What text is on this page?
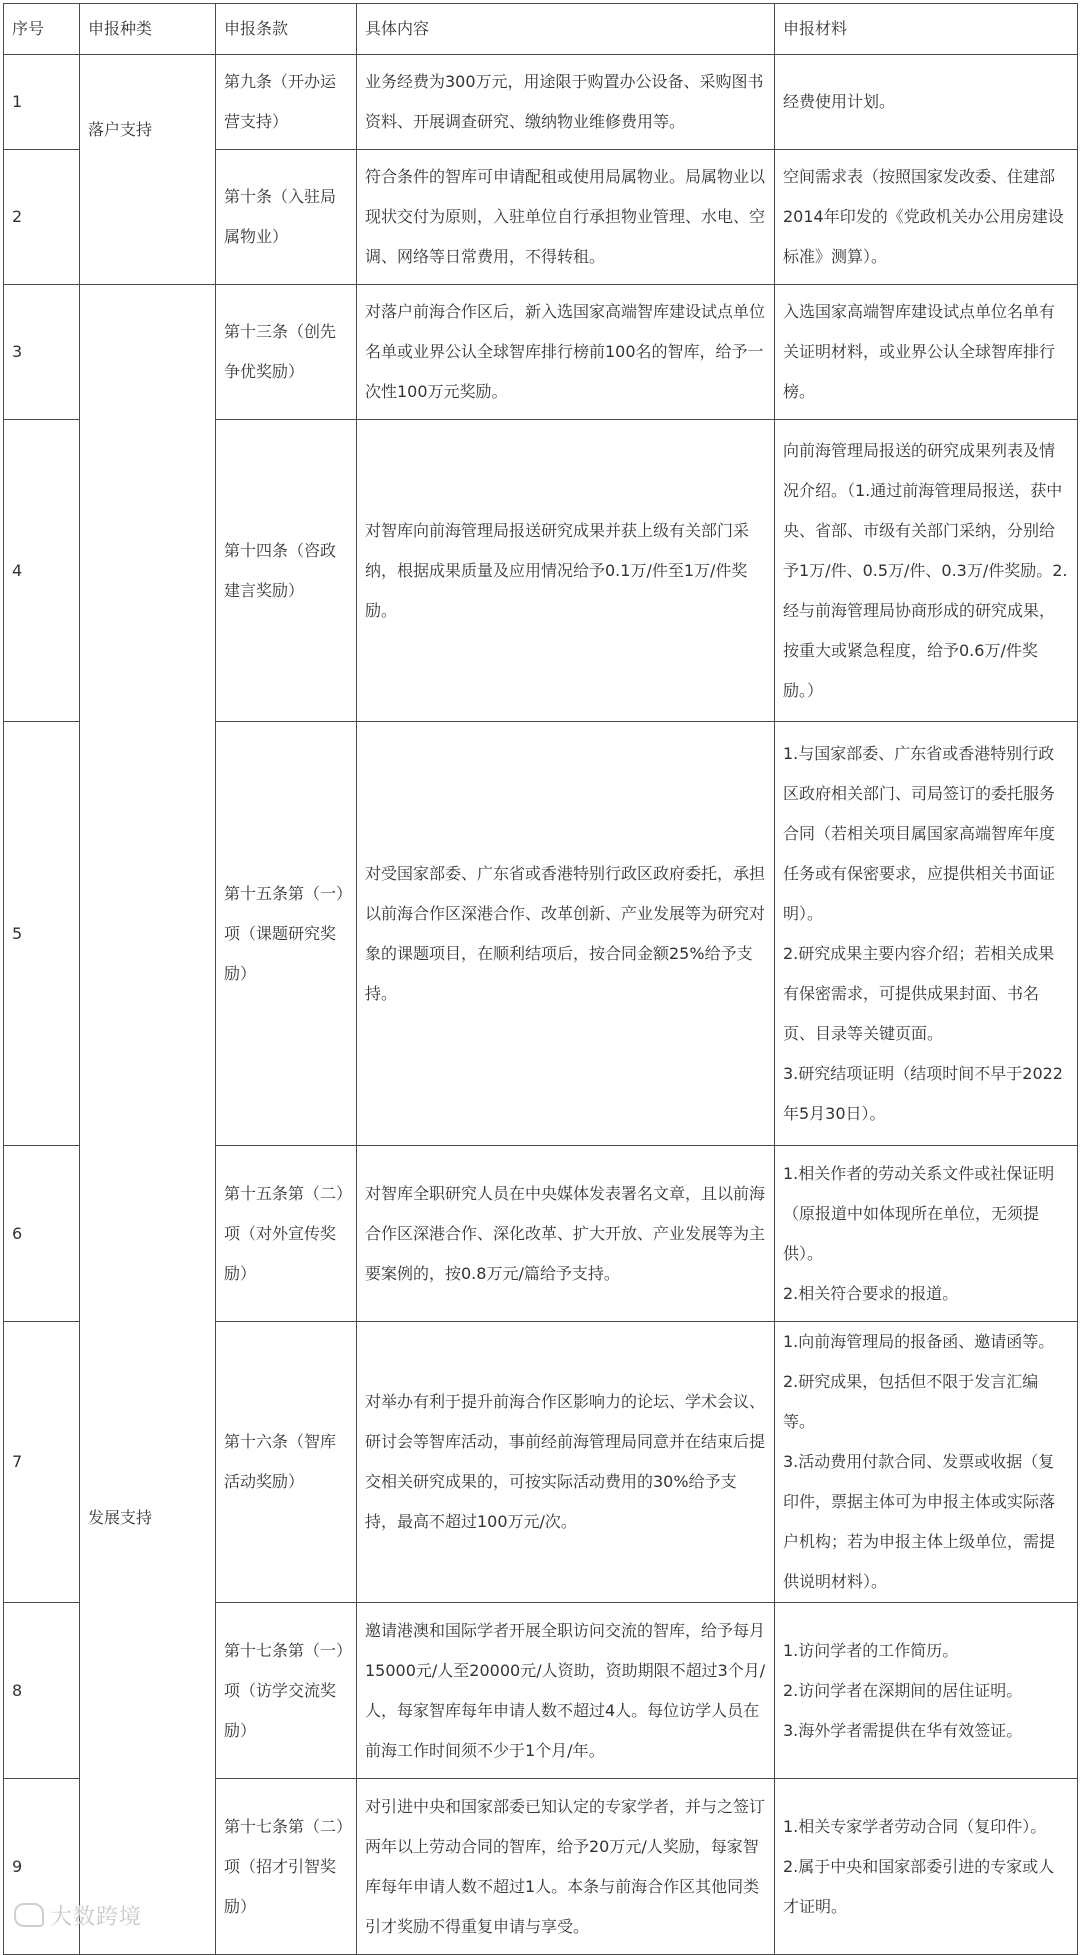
序号	申报种类	申报条款	具体内容	申报材料
1	落户支持	第九条（开办运营支持）	业务经费为300万元，用途限于购置办公设备、采购图书资料、开展调查研究、缴纳物业维修费用等。	经费使用计划。
2		第十条（入驻局属物业）	符合条件的智库可申请配租或使用局属物业。局属物业以现状交付为原则，入驻单位自行承担物业管理、水电、空调、网络等日常费用，不得转租。	空间需求表（按照国家发改委、住建部2014年印发的《党政机关办公用房建设标准》测算）。
3	发展支持	第十三条（创先争优奖励）	对落户前海合作区后，新入选国家高端智库建设试点单位名单或业界公认全球智库排行榜前100名的智库，给予一次性100万元奖励。	入选国家高端智库建设试点单位名单有关证明材料，或业界公认全球智库排行榜。
4		第十四条（咨政建言奖励）	对智库向前海管理局报送研究成果并获上级有关部门采纳，根据成果质量及应用情况给予0.1万/件至1万/件奖励。	向前海管理局报送的研究成果列表及情况介绍。（1.通过前海管理局报送，获中央、省部、市级有关部门采纳，分别给予1万/件、0.5万/件、0.3万/件奖励。2.经与前海管理局协商形成的研究成果，按重大或紧急程度，给予0.6万/件奖励。）
5		第十五条第（一）项（课题研究奖励）	对受国家部委、广东省或香港特别行政区政府委托，承担以前海合作区深港合作、改革创新、产业发展等为研究对象的课题项目，在顺利结项后，按合同金额25%给予支持。	1.与国家部委、广东省或香港特别行政区政府相关部门、司局签订的委托服务合同（若相关项目属国家高端智库年度任务或有保密要求，应提供相关书面证明）。
2.研究成果主要内容介绍；若相关成果有保密需求，可提供成果封面、书名页、目录等关键页面。
3.研究结项证明（结项时间不早于2022年5月30日）。

6		第十五条第（二）项（对外宣传奖励）	对智库全职研究人员在中央媒体发表署名文章，且以前海合作区深港合作、深化改革、扩大开放、产业发展等为主要案例的，按0.8万元/篇给予支持。	1.相关作者的劳动关系文件或社保证明（原报道中如体现所在单位，无须提供）。
2.相关符合要求的报道。

7		第十六条（智库活动奖励）	对举办有利于提升前海合作区影响力的论坛、学术会议、研讨会等智库活动，事前经前海管理局同意并在结束后提交相关研究成果的，可按实际活动费用的30%给予支持，最高不超过100万元/次。	1.向前海管理局的报备函、邀请函等。
2.研究成果，包括但不限于发言汇编等。
3.活动费用付款合同、发票或收据（复印件，票据主体可为申报主体或实际落户机构；若为申报主体上级单位，需提供说明材料）。

8		第十七条第（一）项（访学交流奖励）	邀请港澳和国际学者开展全职访问交流的智库，给予每月15000元/人至20000元/人资助，资助期限不超过3个月/人，每家智库每年申请人数不超过4人。每位访学人员在前海工作时间须不少于1个月/年。	1.访问学者的工作简历。
2.访问学者在深期间的居住证明。
3.海外学者需提供在华有效签证。

9		第十七条第（二）项（招才引智奖励）	对引进中央和国家部委已知认定的专家学者，并与之签订两年以上劳动合同的智库，给予20万元/人奖励，每家智库每年申请人数不超过1人。本条与前海合作区其他同类引才奖励不得重复申请与享受。	1.相关专家学者劳动合同（复印件）。
2.属于中央和国家部委引进的专家或人才证明。
大数跨境
